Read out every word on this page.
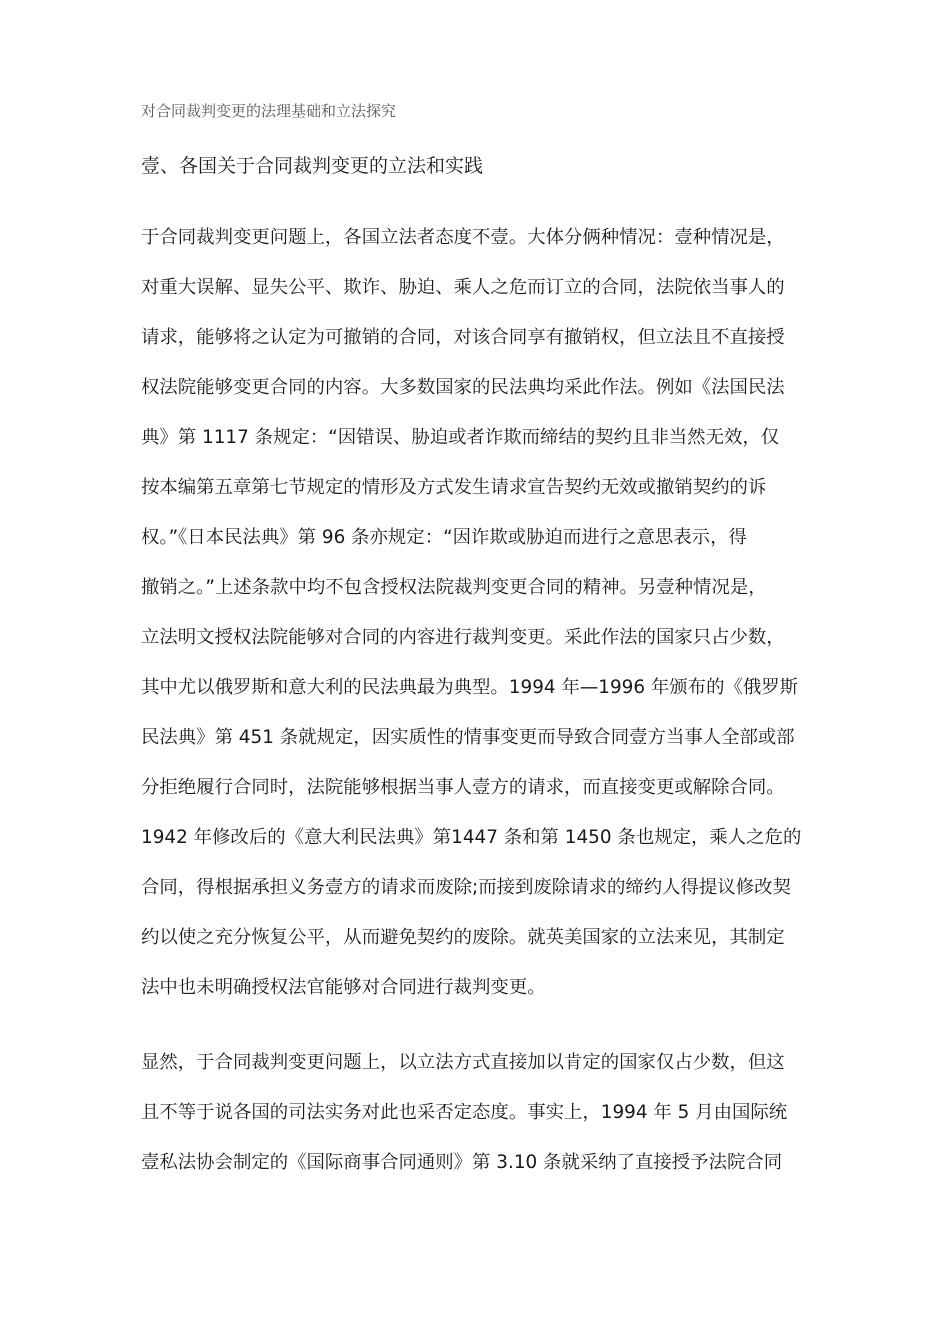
对合同裁判变更的法理基础和立法探究
壹、各国关于合同裁判变更的立法和实践
于合同裁判变更问题上，各国立法者态度不壹。大体分俩种情况：壹种情况是，
对重大误解、显失公平、欺诈、胁迫、乘人之危而订立的合同，法院依当事人的
请求，能够将之认定为可撤销的合同，对该合同享有撤销权，但立法且不直接授
权法院能够变更合同的内容。大多数国家的民法典均采此作法。例如《法国民法
典》第 1117 条规定：“因错误、胁迫或者诈欺而缔结的契约且非当然无效，仅
按本编第五章第七节规定的情形及方式发生请求宣告契约无效或撤销契约的诉
权。”《日本民法典》第 96 条亦规定：“因诈欺或胁迫而进行之意思表示，得
撤销之。”上述条款中均不包含授权法院裁判变更合同的精神。另壹种情况是，
立法明文授权法院能够对合同的内容进行裁判变更。采此作法的国家只占少数，
其中尤以俄罗斯和意大利的民法典最为典型。1994 年—1996 年颁布的《俄罗斯
民法典》第 451 条就规定，因实质性的情事变更而导致合同壹方当事人全部或部
分拒绝履行合同时，法院能够根据当事人壹方的请求，而直接变更或解除合同。
1942 年修改后的《意大利民法典》第1447 条和第 1450 条也规定，乘人之危的
合同，得根据承担义务壹方的请求而废除;而接到废除请求的缔约人得提议修改契
约以使之充分恢复公平，从而避免契约的废除。就英美国家的立法来见，其制定
法中也未明确授权法官能够对合同进行裁判变更。
显然，于合同裁判变更问题上，以立法方式直接加以肯定的国家仅占少数，但这
且不等于说各国的司法实务对此也采否定态度。事实上，1994 年 5 月由国际统
壹私法协会制定的《国际商事合同通则》第 3.10 条就采纳了直接授予法院合同
